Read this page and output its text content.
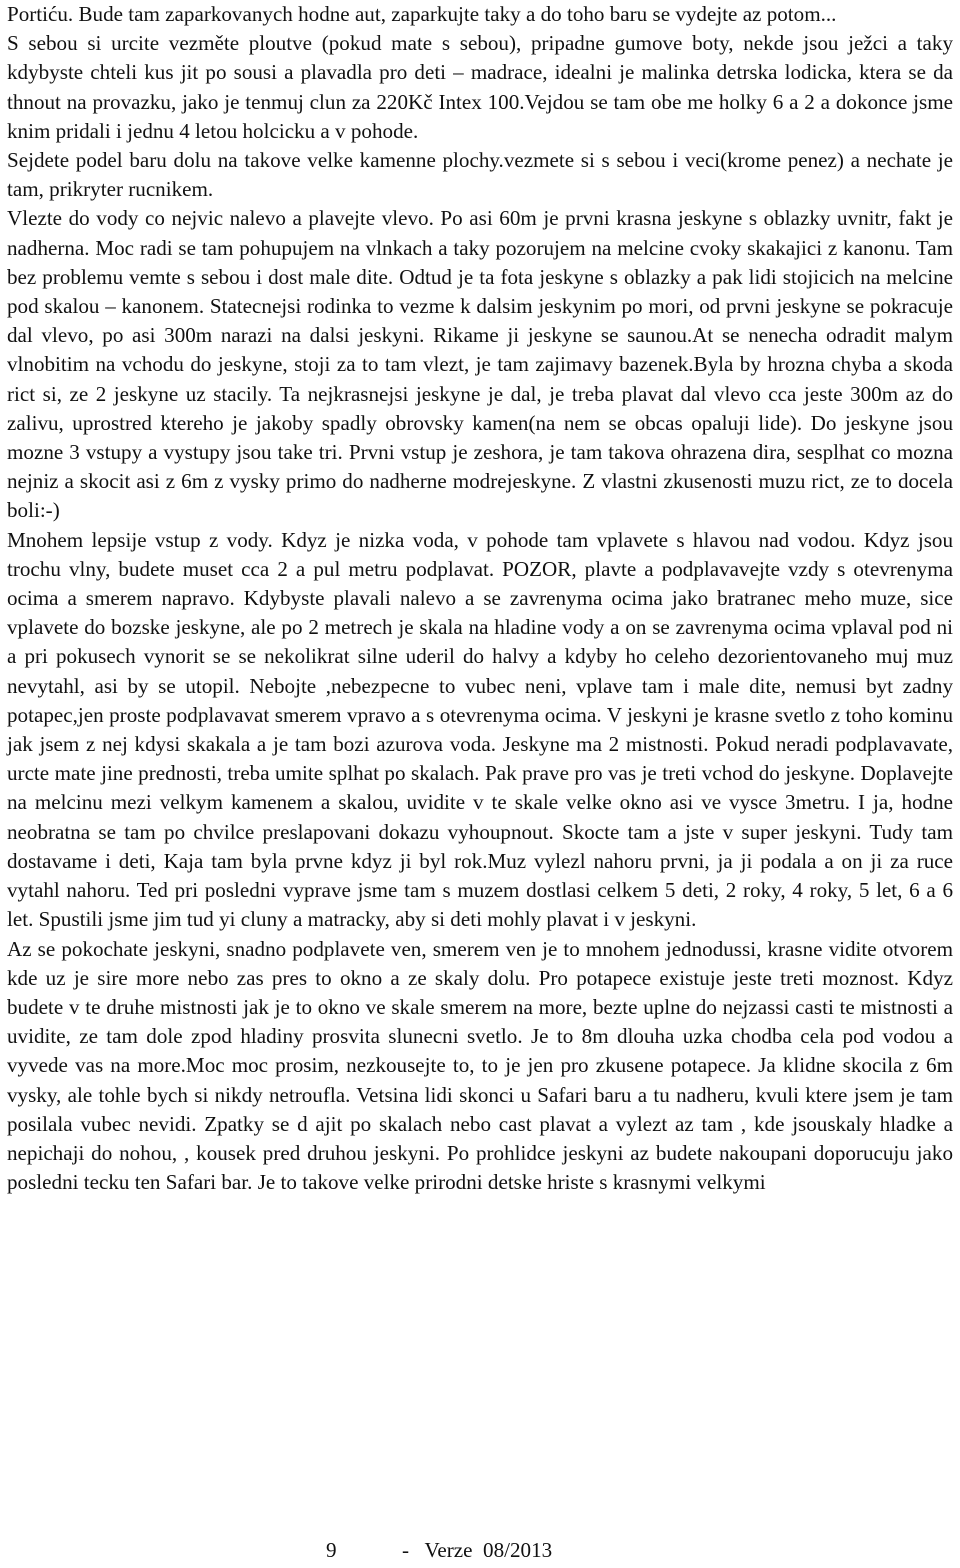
Portiću. Bude tam zaparkovanych hodne aut, zaparkujte taky a do toho baru se vydejte az potom...

S sebou si urcite vezměte ploutve (pokud mate s sebou), pripadne gumove boty, nekde jsou ježci a taky kdybyste chteli kus jit po sousi a plavadla pro deti – madrace, idealni je malinka detrska lodicka, ktera se da thnout na provazku, jako je tenmuj clun za 220Kč Intex 100.Vejdou se tam obe me holky 6 a 2 a dokonce jsme knim pridali i jednu 4 letou holcicku a v pohode.

Sejdete podel baru dolu na takove velke kamenne plochy.vezmete si s sebou i veci(krome penez) a nechate je tam, prikryter rucnikem.

Vlezte do vody co nejvic nalevo a plavejte vlevo. Po asi 60m je prvni krasna jeskyne s oblazky uvnitr, fakt je nadherna. Moc radi se tam pohupujem na vlnkach a taky pozorujem na melcine cvoky skakajici z kanonu. Tam bez problemu vemte s sebou i dost male dite. Odtud je ta fota jeskyne s oblazky a pak lidi stojicich na melcine pod skalou – kanonem. Statecnejsi rodinka to vezme k dalsim jeskynim po mori, od prvni jeskyne se pokracuje dal vlevo, po asi 300m narazi na dalsi jeskyni. Rikame ji jeskyne se saunou.At se nenecha odradit malym vlnobitim na vchodu do jeskyne, stoji za to tam vlezt, je tam zajimavy bazenek.Byla by hrozna chyba a skoda rict si, ze 2 jeskyne uz stacily. Ta nejkrasnejsi jeskyne je dal, je treba plavat dal vlevo cca jeste 300m az do zalivu, uprostred ktereho je jakoby spadly obrovsky kamen(na nem se obcas opaluji lide). Do jeskyne jsou mozne 3 vstupy a vystupy jsou take tri. Prvni vstup je zeshora, je tam takova ohrazena dira, sesplhat co mozna nejniz a skocit asi z 6m z vysky primo do nadherne modrejeskyne. Z vlastni zkusenosti muzu rict, ze to docela boli:-)

Mnohem lepsije vstup z vody. Kdyz je nizka voda, v pohode tam vplavete s hlavou nad vodou. Kdyz jsou trochu vlny, budete muset cca 2 a pul metru podplavat. POZOR, plavte a podplavavejte vzdy s otevrenyma ocima a smerem napravo. Kdybyste plavali nalevo a se zavrenyma ocima jako bratranec meho muze, sice vplavete do bozske jeskyne, ale po 2 metrech je skala na hladine vody a on se zavrenyma ocima vplaval pod ni a pri pokusech vynorit se se nekolikrat silne uderil do halvy a kdyby ho celeho dezorientovaneho muj muz nevytahl, asi by se utopil. Nebojte ,nebezpecne to vubec neni, vplave tam i male dite, nemusi byt zadny potapec,jen proste podplavavat smerem vpravo a s otevrenyma ocima. V jeskyni je krasne svetlo z toho kominu jak jsem z nej kdysi skakala a je tam bozi azurova voda. Jeskyne ma 2 mistnosti. Pokud neradi podplavavate, urcte mate jine prednosti, treba umite splhat po skalach. Pak prave pro vas je treti vchod do jeskyne. Doplavejte na melcinu mezi velkym kamenem a skalou, uvidite v te skale velke okno asi ve vysce 3metru. I ja, hodne neobratna se tam po chvilce preslapovani dokazu vyhoupnout. Skocte tam a jste v super jeskyni. Tudy tam dostavame i deti, Kaja tam byla prvne kdyz ji byl rok.Muz vylezl nahoru prvni, ja ji podala a on ji za ruce vytahl nahoru. Ted pri posledni vyprave jsme tam s muzem dostlasi celkem 5 deti, 2 roky, 4 roky, 5 let, 6 a 6 let. Spustili jsme jim tud yi cluny a matracky, aby si deti mohly plavat i v jeskyni.

Az se pokochate jeskyni, snadno podplavete ven, smerem ven je to mnohem jednodussi, krasne vidite otvorem kde uz je sire more nebo zas pres to okno a ze skaly dolu. Pro potapece existuje jeste treti moznost. Kdyz budete v te druhe mistnosti jak je to okno ve skale smerem na more, bezte uplne do nejzassi casti te mistnosti a uvidite, ze tam dole zpod hladiny prosvita slunecni svetlo. Je to 8m dlouha uzka chodba cela pod vodou a vyvede vas na more.Moc moc prosim, nezkousejte to, to je jen pro zkusene potapece. Ja klidne skocila z 6m vysky, ale tohle bych si nikdy netroufla. Vetsina lidi skonci u Safari baru a tu nadheru, kvuli ktere jsem je tam posilala vubec nevidi. Zpatky se d ajit po skalach nebo cast plavat a vylezt az tam , kde jsouskaly hladke a nepichaji do nohou, , kousek pred druhou jeskyni. Po prohlidce jeskyni az budete nakoupani doporucuju jako posledni tecku ten Safari bar. Je to takove velke prirodni detske hriste s krasnymi velkymi

9	-   Verze  08/2013
